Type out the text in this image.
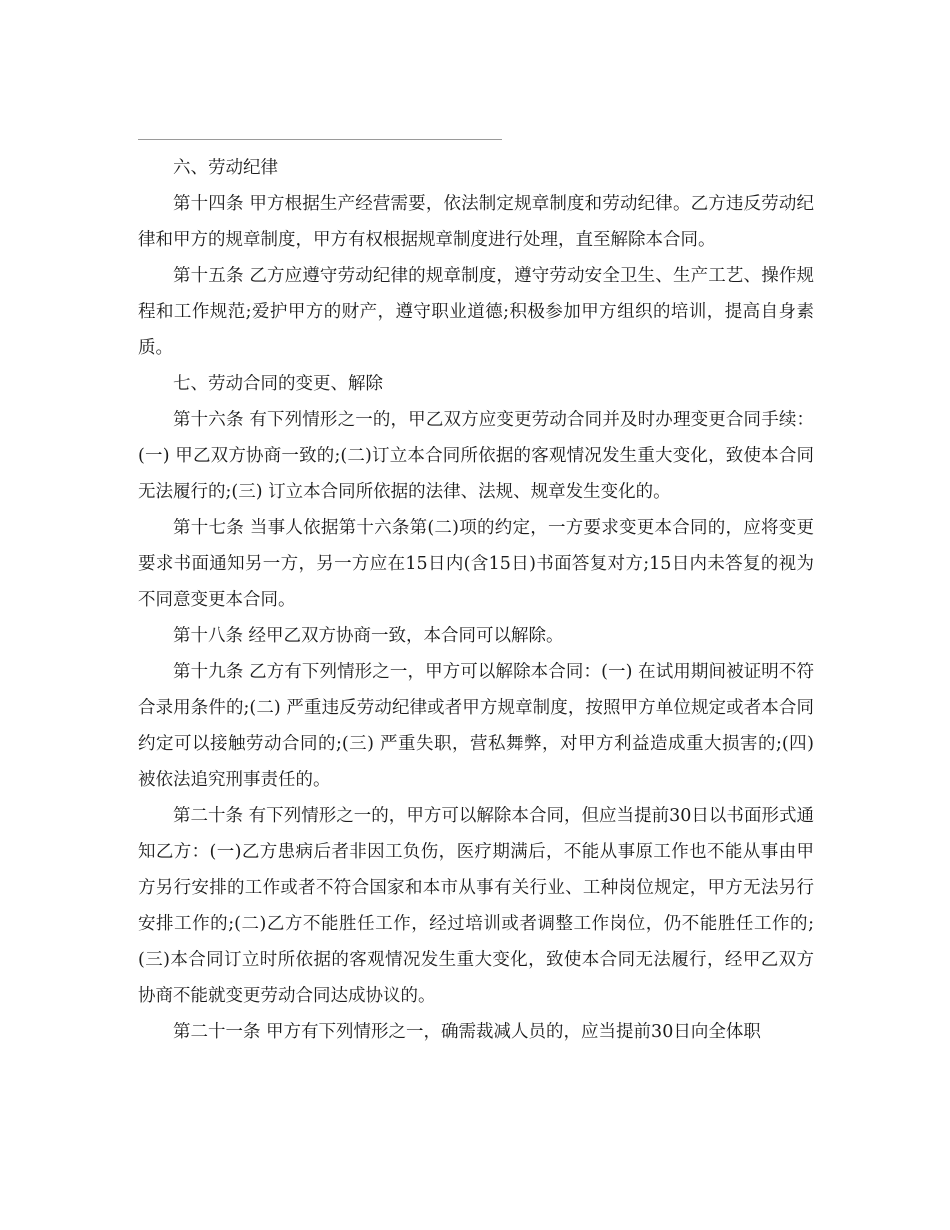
六、劳动纪律

第十四条 甲方根据生产经营需要，依法制定规章制度和劳动纪律。乙方违反劳动纪律和甲方的规章制度，甲方有权根据规章制度进行处理，直至解除本合同。

第十五条 乙方应遵守劳动纪律的规章制度，遵守劳动安全卫生、生产工艺、操作规程和工作规范;爱护甲方的财产，遵守职业道德;积极参加甲方组织的培训，提高自身素质。

七、劳动合同的变更、解除

第十六条 有下列情形之一的，甲乙双方应变更劳动合同并及时办理变更合同手续：(一) 甲乙双方协商一致的;(二)订立本合同所依据的客观情况发生重大变化，致使本合同无法履行的;(三) 订立本合同所依据的法律、法规、规章发生变化的。

第十七条 当事人依据第十六条第(二)项的约定，一方要求变更本合同的，应将变更要求书面通知另一方，另一方应在15日内(含15日)书面答复对方;15日内未答复的视为不同意变更本合同。

第十八条 经甲乙双方协商一致，本合同可以解除。

第十九条 乙方有下列情形之一，甲方可以解除本合同：(一) 在试用期间被证明不符合录用条件的;(二) 严重违反劳动纪律或者甲方规章制度，按照甲方单位规定或者本合同约定可以接触劳动合同的;(三) 严重失职，营私舞弊，对甲方利益造成重大损害的;(四) 被依法追究刑事责任的。

第二十条 有下列情形之一的，甲方可以解除本合同，但应当提前30日以书面形式通知乙方：(一)乙方患病后者非因工负伤，医疗期满后，不能从事原工作也不能从事由甲方另行安排的工作或者不符合国家和本市从事有关行业、工种岗位规定，甲方无法另行安排工作的;(二)乙方不能胜任工作，经过培训或者调整工作岗位，仍不能胜任工作的;(三)本合同订立时所依据的客观情况发生重大变化，致使本合同无法履行，经甲乙双方协商不能就变更劳动合同达成协议的。

第二十一条 甲方有下列情形之一，确需裁减人员的，应当提前30日向全体职
